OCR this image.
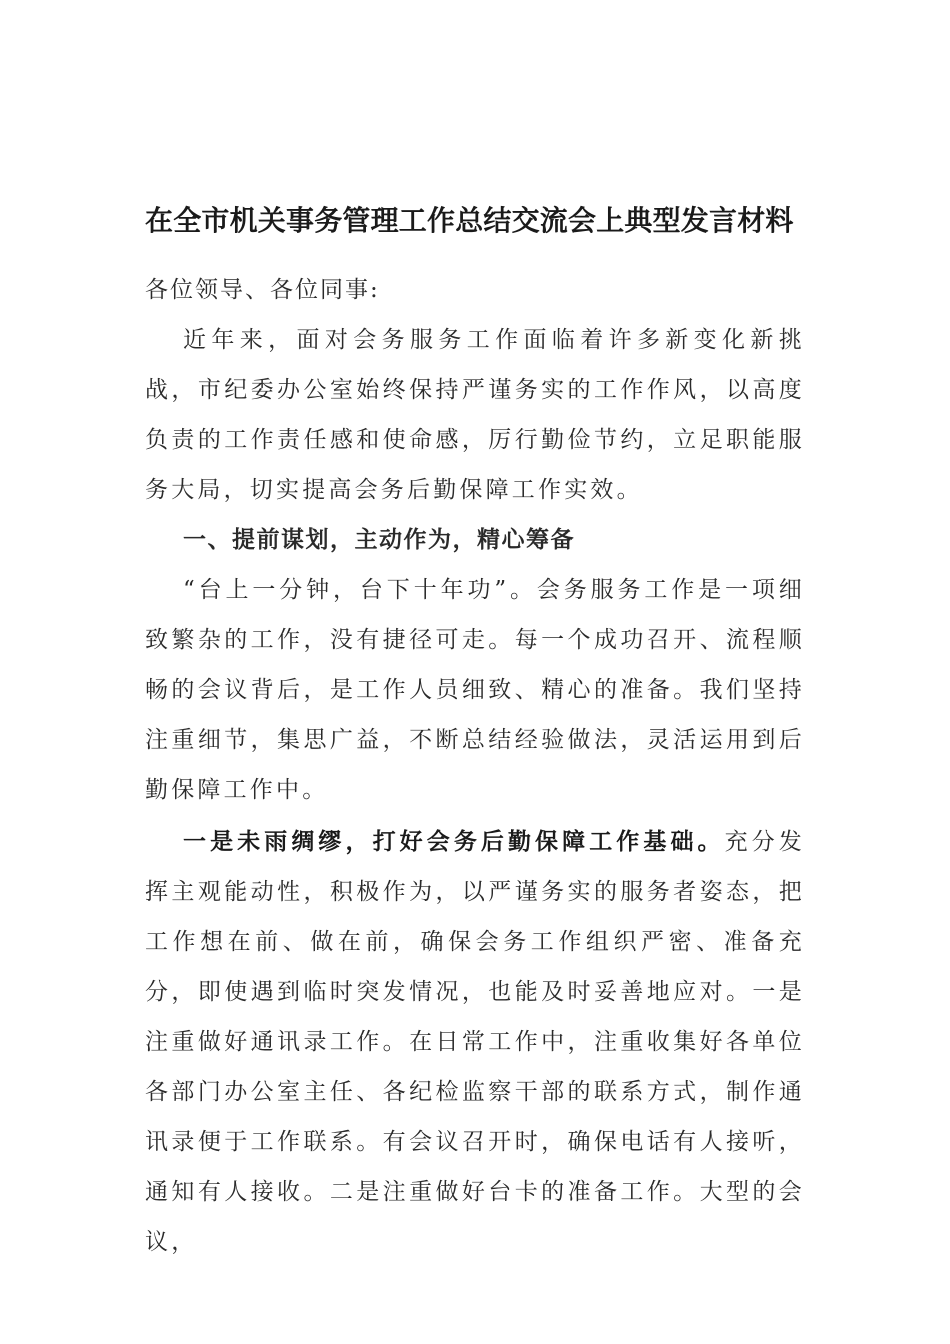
在全市机关事务管理工作总结交流会上典型发言材料

各位领导、各位同事:

近年来，面对会务服务工作面临着许多新变化新挑战，市纪委办公室始终保持严谨务实的工作作风，以高度负责的工作责任感和使命感，厉行勤俭节约，立足职能服务大局，切实提高会务后勤保障工作实效。

一、提前谋划，主动作为，精心筹备

“台上一分钟，台下十年功”。会务服务工作是一项细致繁杂的工作，没有捷径可走。每一个成功召开、流程顺畅的会议背后，是工作人员细致、精心的准备。我们坚持注重细节，集思广益，不断总结经验做法，灵活运用到后勤保障工作中。

一是未雨绸缪，打好会务后勤保障工作基础。充分发挥主观能动性，积极作为，以严谨务实的服务者姿态，把工作想在前、做在前，确保会务工作组织严密、准备充分，即使遇到临时突发情况，也能及时妥善地应对。一是注重做好通讯录工作。在日常工作中，注重收集好各单位各部门办公室主任、各纪检监察干部的联系方式，制作通讯录便于工作联系。有会议召开时，确保电话有人接听，通知有人接收。二是注重做好台卡的准备工作。大型的会议，
